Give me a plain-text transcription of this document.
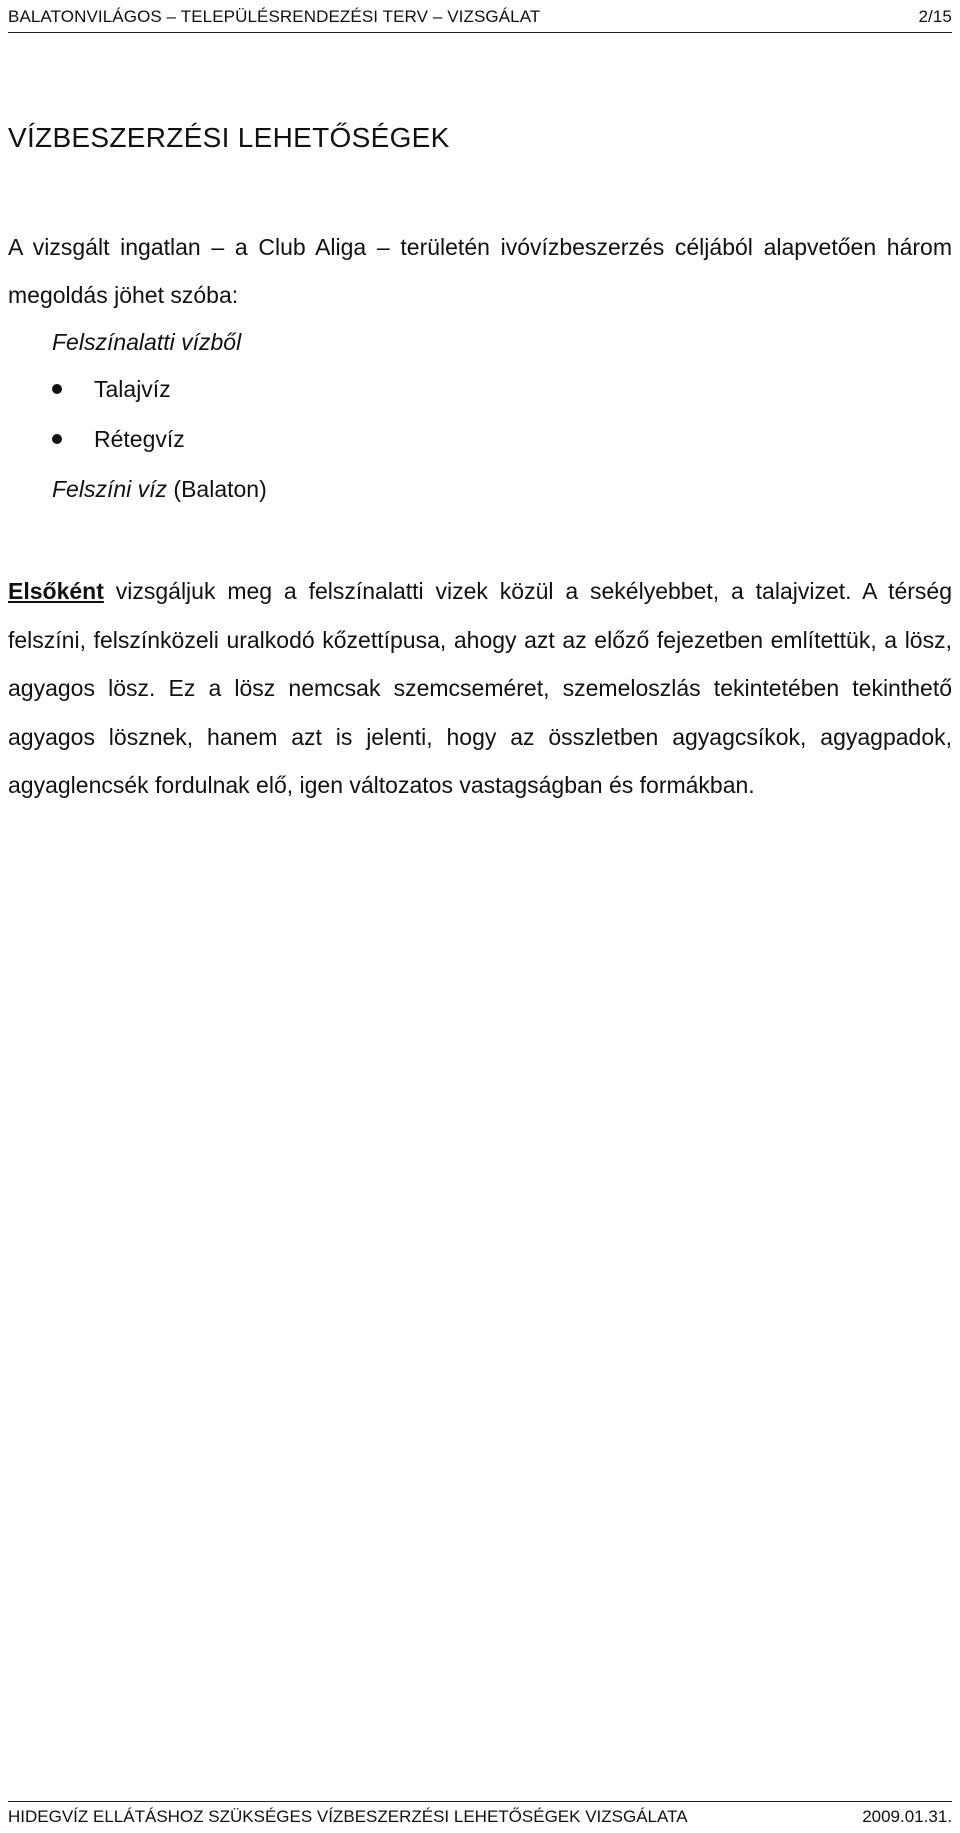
BALATONVILÁGOS – TELEPÜLÉSRENDEZÉSI TERV – VIZSGÁLAT	2/15
VÍZBESZERZÉSI LEHETŐSÉGEK

A vizsgált ingatlan – a Club Aliga – területén ivóvízbeszerzés céljából alapvetően három megoldás jöhet szóba:

Felszínalatti vízből
Talajvíz
Rétegvíz
Felszíni víz (Balaton)

Elsőként vizsgáljuk meg a felszínalatti vizek közül a sekélyebbet, a talajvizet. A térség felszíni, felszínközeli uralkodó kőzettípusa, ahogy azt az előző fejezetben említettük, a lösz, agyagos lösz. Ez a lösz nemcsak szemcseméret, szemeloszlás tekintetében tekinthető agyagos lösznek, hanem azt is jelenti, hogy az összletben agyagcsíkok, agyagpadok, agyaglencsék fordulnak elő, igen változatos vastagságban és formákban.

HIDEGVÍZ ELLÁTÁSHOZ SZÜKSÉGES VÍZBESZERZÉSI LEHETŐSÉGEK VIZSGÁLATA	2009.01.31.
